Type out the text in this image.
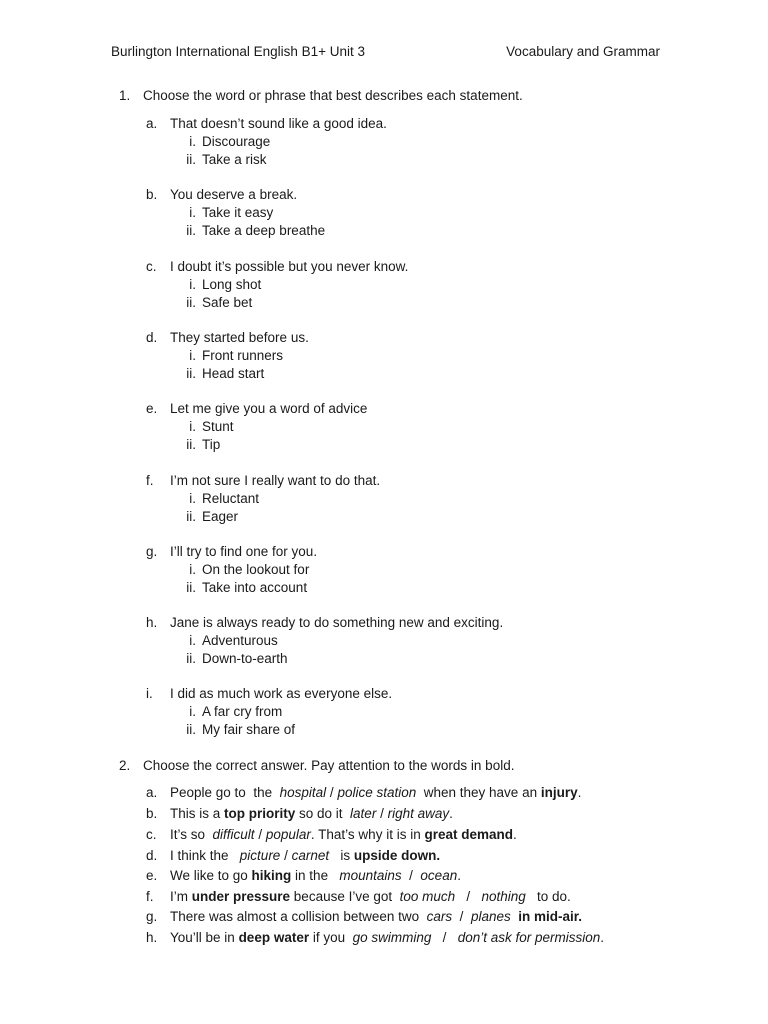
Burlington International English B1+ Unit 3	Vocabulary and Grammar
1. Choose the word or phrase that best describes each statement.
a. That doesn’t sound like a good idea.
i. Discourage
ii. Take a risk
b. You deserve a break.
i. Take it easy
ii. Take a deep breathe
c. I doubt it’s possible but you never know.
i. Long shot
ii. Safe bet
d. They started before us.
i. Front runners
ii. Head start
e. Let me give you a word of advice
i. Stunt
ii. Tip
f. I’m not sure I really want to do that.
i. Reluctant
ii. Eager
g. I’ll try to find one for you.
i. On the lookout for
ii. Take into account
h. Jane is always ready to do something new and exciting.
i. Adventurous
ii. Down-to-earth
i. I did as much work as everyone else.
i. A far cry from
ii. My fair share of
2. Choose the correct answer. Pay attention to the words in bold.
a. People go to  the  hospital / police station  when they have an injury.
b. This is a top priority so do it  later / right away.
c. It’s so  difficult / popular. That’s why it is in great demand.
d. I think the   picture / carnet   is upside down.
e. We like to go hiking in the   mountains / ocean.
f. I’m under pressure because I’ve got  too much / nothing   to do.
g. There was almost a collision between two  cars / planes in mid-air.
h. You’ll be in deep water if you  go swimming / don’t ask for permission.
